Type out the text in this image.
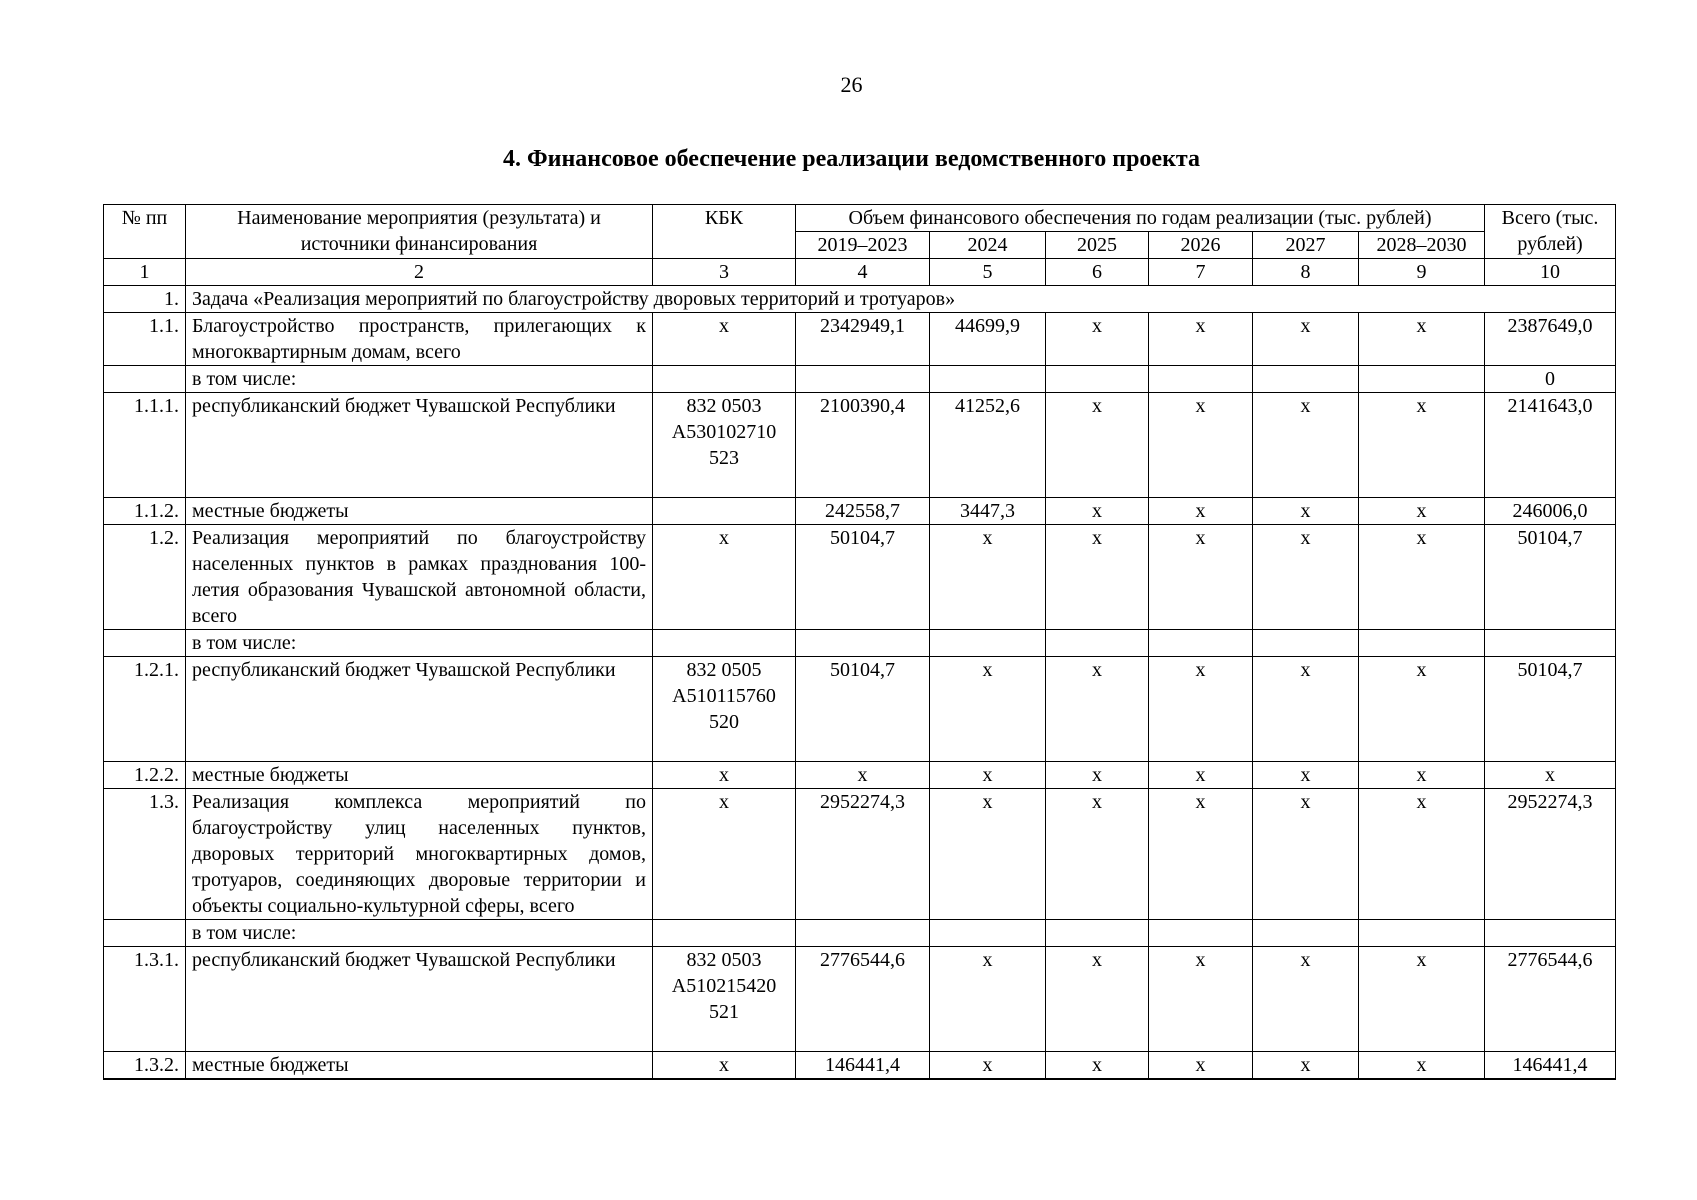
26
4. Финансовое обеспечение реализации ведомственного проекта
№ пп	Наименование мероприятия (результата) и источники финансирования	КБК	Объем финансового обеспечения по годам реализации (тыс. рублей)						Всего (тыс. рублей)
			2019–2023	2024	2025	2026	2027	2028–2030	
1	2	3	4	5	6	7	8	9	10
1.	Задача «Реализация мероприятий по благоустройству дворовых территорий и тротуаров»								
1.1.	Благоустройство пространств, прилегающих к многоквартирным домам, всего	х	2342949,1	44699,9	х	х	х	х	2387649,0
	в том числе:								0
1.1.1.	республиканский бюджет Чувашской Республики	832 0503 А530102710 523	2100390,4	41252,6	х	х	х	х	2141643,0
1.1.2.	местные бюджеты		242558,7	3447,3	х	х	х	х	246006,0
1.2.	Реализация мероприятий по благоустройству населенных пунктов в рамках празднования 100-летия образования Чувашской автономной области, всего	х	50104,7	х	х	х	х	х	50104,7
	в том числе:								
1.2.1.	республиканский бюджет Чувашской Республики	832 0505 А510115760 520	50104,7	х	х	х	х	х	50104,7
1.2.2.	местные бюджеты	х	х	х	х	х	х	х	х
1.3.	Реализация комплекса мероприятий по благоустройству улиц населенных пунктов, дворовых территорий многоквартирных домов, тротуаров, соединяющих дворовые территории и объекты социально-культурной сферы, всего	х	2952274,3	х	х	х	х	х	2952274,3
	в том числе:								
1.3.1.	республиканский бюджет Чувашской Республики	832 0503 А510215420 521	2776544,6	х	х	х	х	х	2776544,6
1.3.2.	местные бюджеты	х	146441,4	х	х	х	х	х	146441,4
